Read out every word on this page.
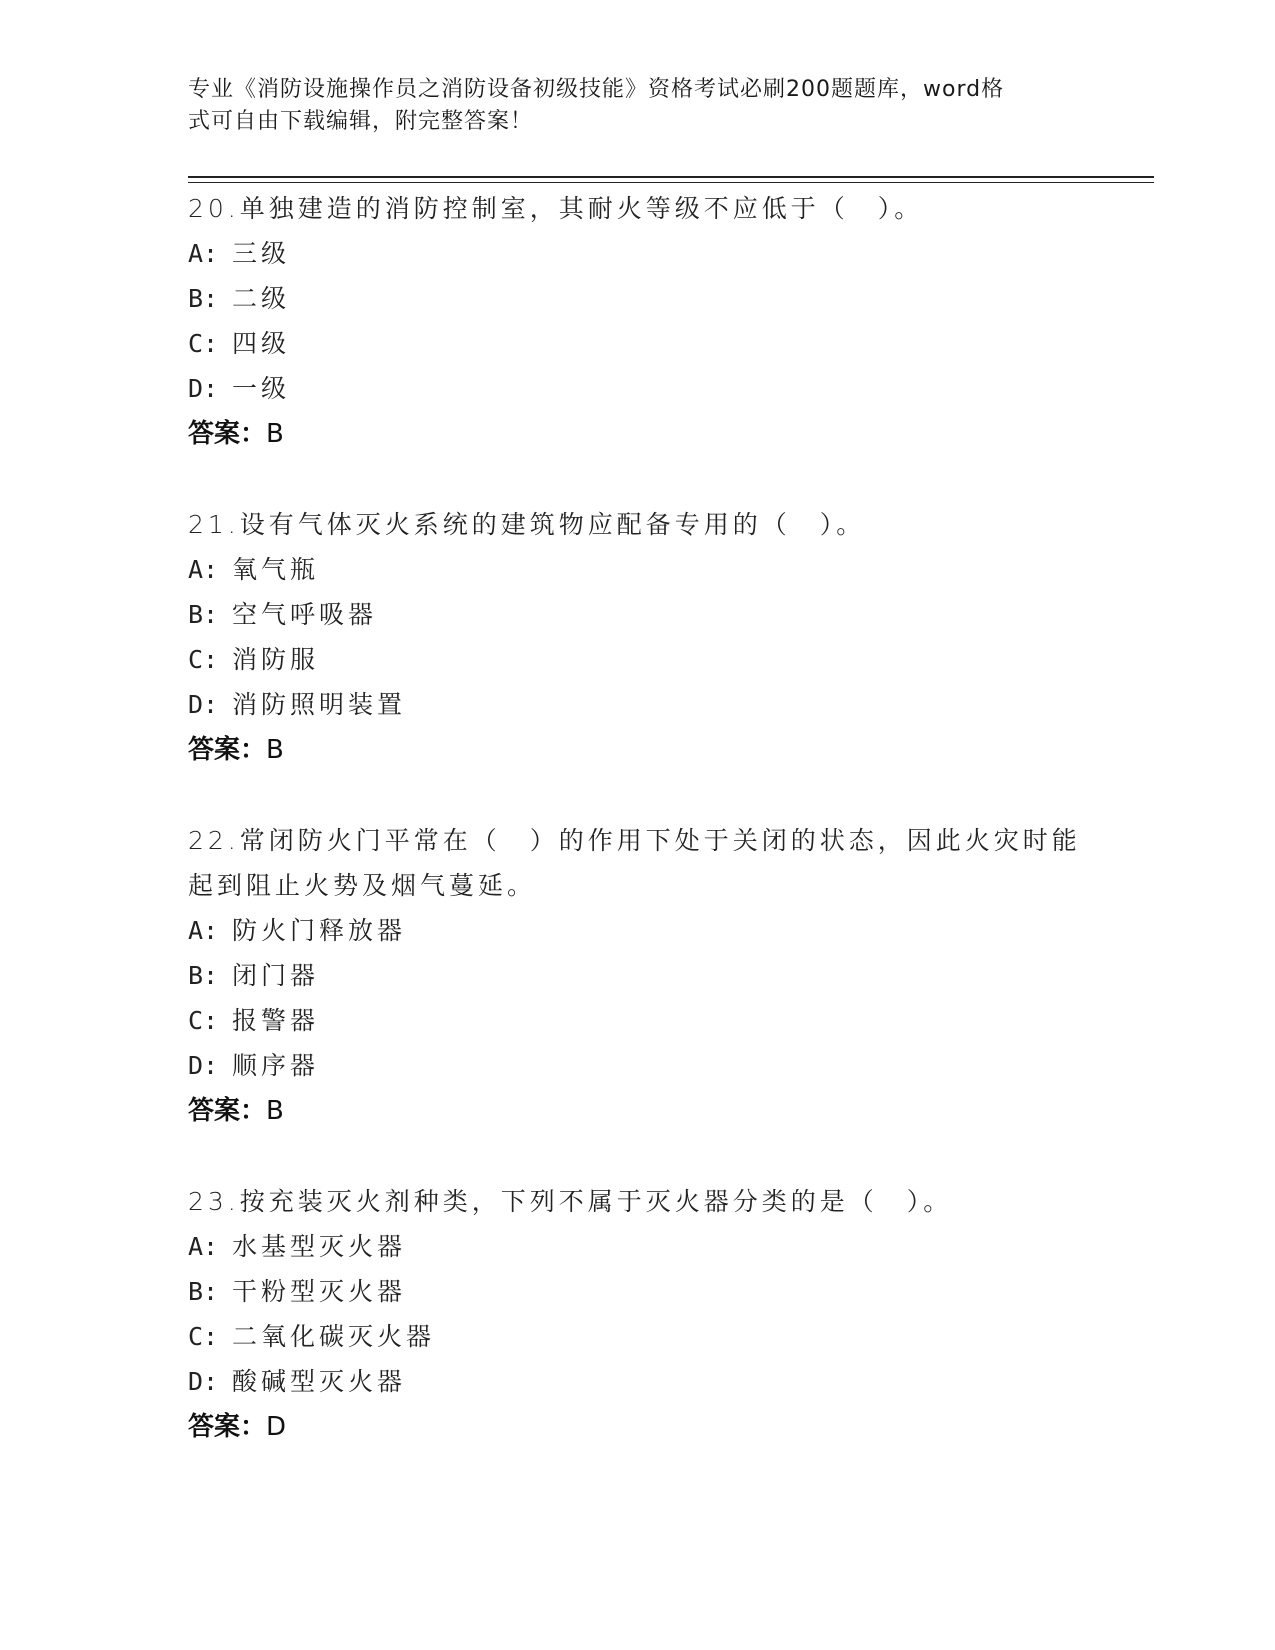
专业《消防设施操作员之消防设备初级技能》资格考试必刷200题题库，word格
式可自由下载编辑，附完整答案！
20.单独建造的消防控制室，其耐火等级不应低于（　）。
A: 三级
B: 二级
C: 四级
D: 一级
答案：B
21.设有气体灭火系统的建筑物应配备专用的（　）。
A: 氧气瓶
B: 空气呼吸器
C: 消防服
D: 消防照明装置
答案：B
22.常闭防火门平常在（　）的作用下处于关闭的状态，因此火灾时能
起到阻止火势及烟气蔓延。
A: 防火门释放器
B: 闭门器
C: 报警器
D: 顺序器
答案：B
23.按充装灭火剂种类，下列不属于灭火器分类的是（　）。
A: 水基型灭火器
B: 干粉型灭火器
C: 二氧化碳灭火器
D: 酸碱型灭火器
答案：D
